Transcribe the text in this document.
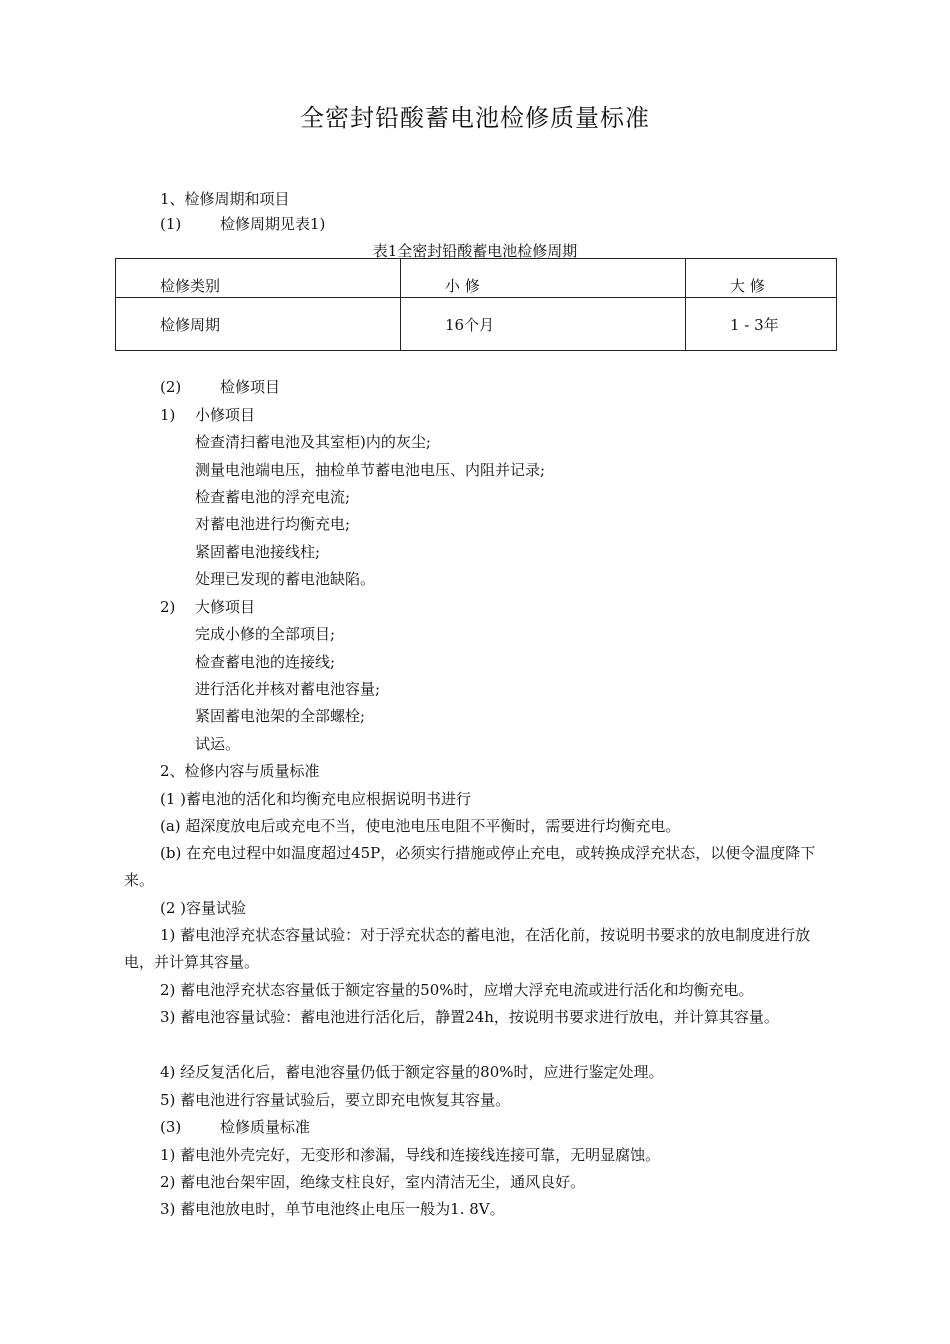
全密封铅酸蓄电池检修质量标准
1、检修周期和项目
(1)	检修周期见表1)
表1全密封铅酸蓄电池检修周期
检修类别	小 修	大 修
检修周期	16个月	1 - 3年
(2)	检修项目
1) 小修项目
检查清扫蓄电池及其室柜)内的灰尘;
测量电池端电压，抽检单节蓄电池电压、内阻并记录;
检查蓄电池的浮充电流;
对蓄电池进行均衡充电;
紧固蓄电池接线柱;
处理已发现的蓄电池缺陷。
2) 大修项目
完成小修的全部项目;
检查蓄电池的连接线;
进行活化并核对蓄电池容量;
紧固蓄电池架的全部螺栓;
试运。
2、检修内容与质量标准
(1 )蓄电池的活化和均衡充电应根据说明书进行
(a) 超深度放电后或充电不当，使电池电压电阻不平衡时，需要进行均衡充电。
(b) 在充电过程中如温度超过45P，必须实行措施或停止充电，或转换成浮充状态，以便令温度降下来。
(2 )容量试验
1) 蓄电池浮充状态容量试验：对于浮充状态的蓄电池，在活化前，按说明书要求的放电制度进行放电，并计算其容量。
2) 蓄电池浮充状态容量低于额定容量的50%时，应增大浮充电流或进行活化和均衡充电。
3) 蓄电池容量试验：蓄电池进行活化后，静置24h，按说明书要求进行放电，并计算其容量。
4) 经反复活化后，蓄电池容量仍低于额定容量的80%时，应进行鉴定处理。
5) 蓄电池进行容量试验后，要立即充电恢复其容量。
(3)	检修质量标准
1) 蓄电池外壳完好，无变形和渗漏，导线和连接线连接可靠，无明显腐蚀。
2) 蓄电池台架牢固，绝缘支柱良好，室内清洁无尘，通风良好。
3) 蓄电池放电时，单节电池终止电压一般为1. 8V。
